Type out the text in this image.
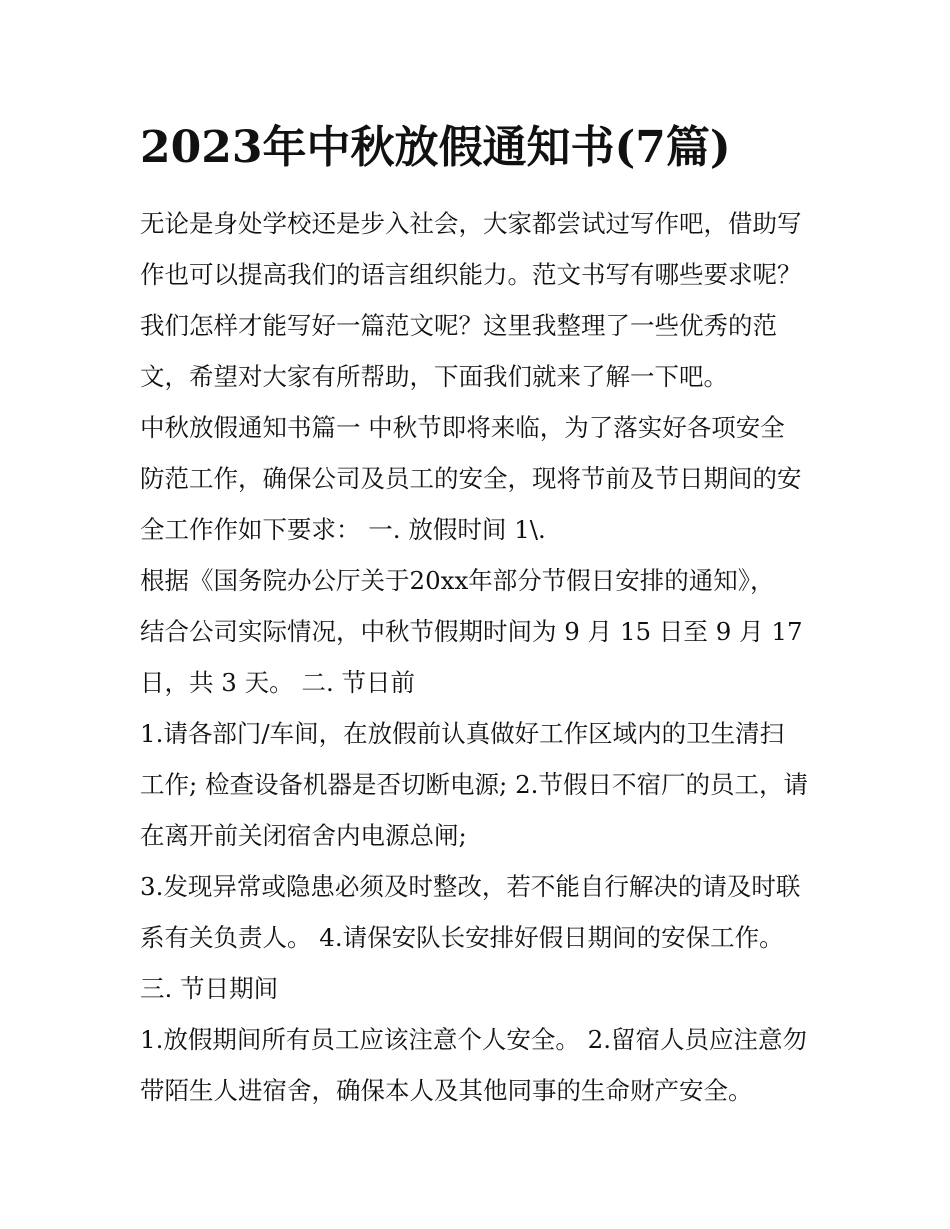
2023年中秋放假通知书(7篇)

无论是身处学校还是步入社会，大家都尝试过写作吧，借助写

作也可以提高我们的语言组织能力。范文书写有哪些要求呢？

我们怎样才能写好一篇范文呢？这里我整理了一些优秀的范

文，希望对大家有所帮助，下面我们就来了解一下吧。

中秋放假通知书篇一 中秋节即将来临，为了落实好各项安全

防范工作，确保公司及员工的安全，现将节前及节日期间的安

全工作作如下要求： 一. 放假时间 1\.

根据《国务院办公厅关于20xx年部分节假日安排的通知》，

结合公司实际情况，中秋节假期时间为 9 月 15 日至 9 月 17

日，共 3 天。 二. 节日前

1.请各部门/车间，在放假前认真做好工作区域内的卫生清扫

工作; 检查设备机器是否切断电源; 2.节假日不宿厂的员工，请

在离开前关闭宿舍内电源总闸;

3.发现异常或隐患必须及时整改，若不能自行解决的请及时联

系有关负责人。 4.请保安队长安排好假日期间的安保工作。

三. 节日期间

1.放假期间所有员工应该注意个人安全。 2.留宿人员应注意勿

带陌生人进宿舍，确保本人及其他同事的生命财产安全。
